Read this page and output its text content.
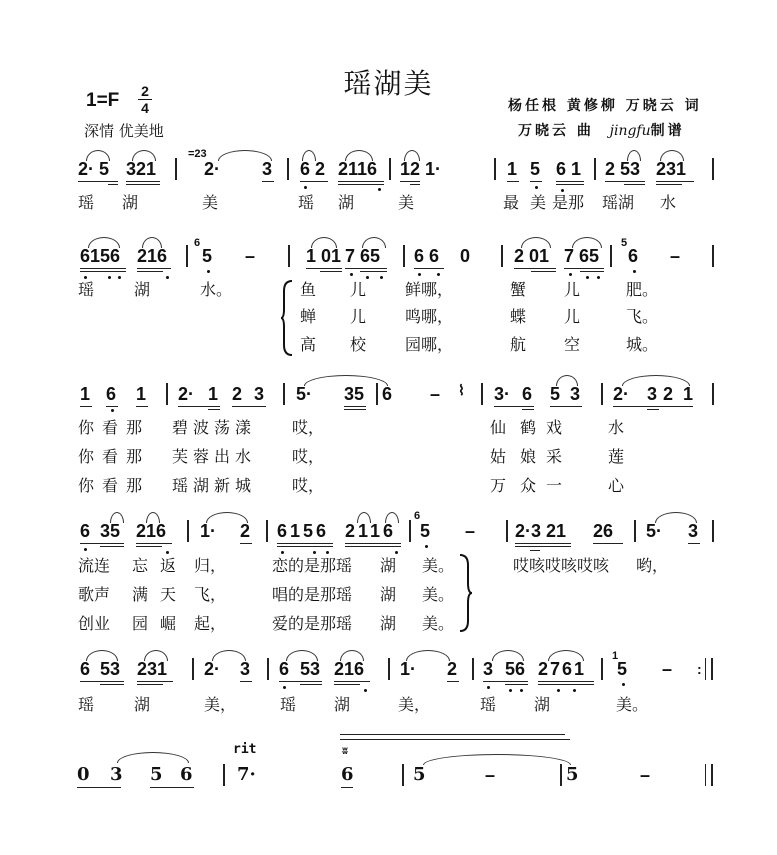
瑶湖美
1=F 2
4
深情 优美地
杨任根 黄修柳 万晓云 词
万晓云 曲 jingfu制谱
2· 5 321
=23
2· 3 6 2 2116 12 1·	1 5 6 1 2 53 231
瑶 湖	美	瑶 湖	美	最 美 是那 瑶湖 水
6156 216
6
5 –	1 01 7 65 6 6 0 2 01 7 65
5
6 –
瑶 湖	水。	鱼 儿 鲜哪，	蟹 儿	肥。
蝉 儿 鸣哪，	蝶 儿	飞。
高 校 园哪，	航 空	城。
1 6 1 2· 1 2 3 5· 35 6 – ⌇ 3· 6 5 3 2· 3 2 1
你看那 碧波荡漾 哎，	仙 鹤 戏	水
你看那 芙蓉出水 哎，	姑 娘 采	莲
你看那 瑶湖新城 哎，	万 众 一	心
6 35 216 1· 2 6156 2116
6
5 – 2·3 21 26 5· 3
流连 忘 返 归，	恋的是那瑶 湖 美。	哎咳哎咳哎咳 哟，
歌声 满 天 飞，	唱的是那瑶 湖 美。
创业 园 崛 起，	爱的是那瑶 湖 美。
6 53 231 2· 3 6 53 216 1· 2 3 56 2761
1
5 – :
瑶 湖	美，	瑶 湖	美，	瑶 湖	美。
0 3 5 6
rit
7·	6
ʬ
5	–	5	–
